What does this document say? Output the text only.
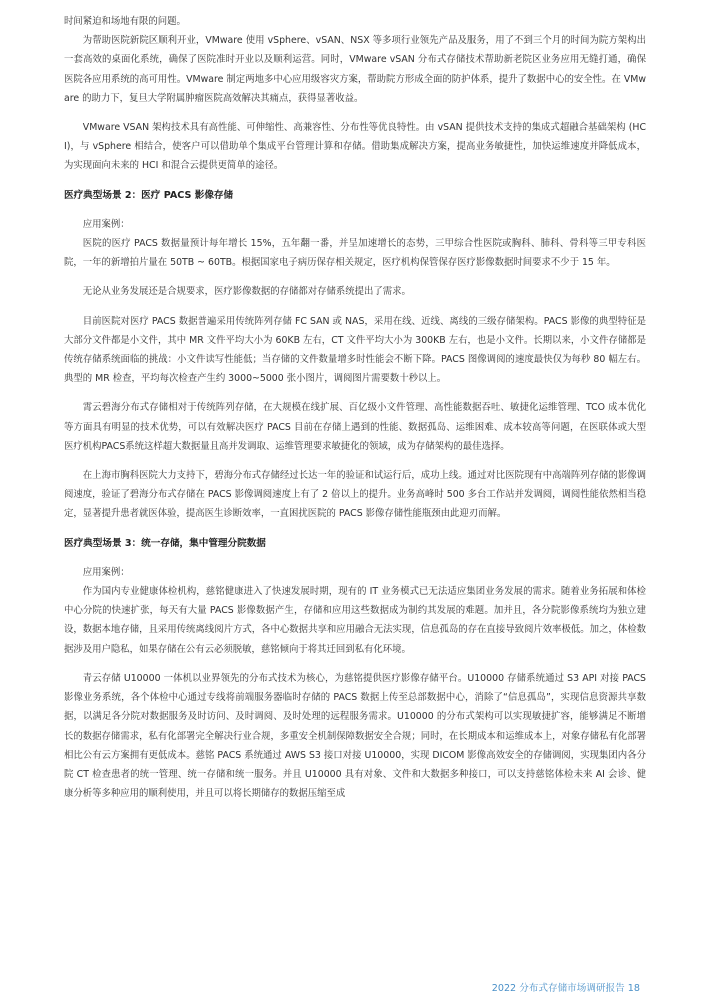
时间紧迫和场地有限的问题。

为帮助医院新院区顺利开业，VMware 使用 vSphere、vSAN、NSX 等多项行业领先产品及服务，用了不到三个月的时间为院方架构出一套高效的桌面化系统，确保了医院准时开业以及顺利运营。同时，VMware vSAN 分布式存储技术帮助新老院区业务应用无缝打通，确保医院各应用系统的高可用性。VMware 制定两地多中心应用级容灾方案，帮助院方形成全面的防护体系，提升了数据中心的安全性。在 VMware 的助力下，复旦大学附属肿瘤医院高效解决其痛点，获得显著收益。

VMware VSAN 架构技术具有高性能、可伸缩性、高兼容性、分布性等优良特性。由 vSAN 提供技术支持的集成式超融合基础架构 (HCI)，与 vSphere 相结合，使客户可以借助单个集成平台管理计算和存储。借助集成解决方案，提高业务敏捷性，加快运维速度并降低成本，为实现面向未来的 HCI 和混合云提供更简单的途径。

医疗典型场景 2：医疗 PACS 影像存储

应用案例：

医院的医疗 PACS 数据量预计每年增长 15%，五年翻一番，并呈加速增长的态势，三甲综合性医院或胸科、肺科、骨科等三甲专科医院，一年的新增拍片量在 50TB ~ 60TB。根据国家电子病历保存相关规定，医疗机构保管保存医疗影像数据时间要求不少于 15 年。

无论从业务发展还是合规要求，医疗影像数据的存储都对存储系统提出了需求。

目前医院对医疗 PACS 数据普遍采用传统阵列存储 FC SAN 或 NAS，采用在线、近线、离线的三级存储架构。PACS 影像的典型特征是大部分文件都是小文件，其中 MR 文件平均大小为 60KB 左右，CT 文件平均大小为 300KB 左右，也是小文件。长期以来，小文件存储都是传统存储系统面临的挑战：小文件读写性能低；当存储的文件数量增多时性能会不断下降。PACS 图像调阅的速度最快仅为每秒 80 幅左右。典型的 MR 检查，平均每次检查产生约 3000~5000 张小图片，调阅图片需要数十秒以上。

霄云碧海分布式存储相对于传统阵列存储，在大规模在线扩展、百亿级小文件管理、高性能数据吞吐、敏捷化运维管理、TCO 成本优化等方面具有明显的技术优势，可以有效解决医疗 PACS 目前在存储上遇到的性能、数据孤岛、运维困难、成本较高等问题，在医联体或大型医疗机构PACS系统这样超大数据量且高并发调取、运维管理要求敏捷化的领域，成为存储架构的最佳选择。

在上海市胸科医院大力支持下，碧海分布式存储经过长达一年的验证和试运行后，成功上线。通过对比医院现有中高端阵列存储的影像调阅速度，验证了碧海分布式存储在 PACS 影像调阅速度上有了 2 倍以上的提升。业务高峰时 500 多台工作站并发调阅，调阅性能依然相当稳定，显著提升患者就医体验，提高医生诊断效率，一直困扰医院的 PACS 影像存储性能瓶颈由此迎刃而解。

医疗典型场景 3：统一存储，集中管理分院数据

应用案例：

作为国内专业健康体检机构，慈铭健康进入了快速发展时期，现有的 IT 业务模式已无法适应集团业务发展的需求。随着业务拓展和体检中心分院的快速扩张，每天有大量 PACS 影像数据产生，存储和应用这些数据成为制约其发展的难题。加并且，各分院影像系统均为独立建设，数据本地存储，且采用传统离线阅片方式，各中心数据共享和应用融合无法实现，信息孤岛的存在直接导致阅片效率极低。加之，体检数据涉及用户隐私，如果存储在公有云必须脱敏，慈铭倾向于将其迁回到私有化环境。

青云存储 U10000 一体机以业界领先的分布式技术为核心，为慈铭提供医疗影像存储平台。U10000 存储系统通过 S3 API 对接 PACS 影像业务系统，各个体检中心通过专线将前端服务器临时存储的 PACS 数据上传至总部数据中心，消除了“信息孤岛”，实现信息资源共享数据，以满足各分院对数据服务及时访问、及时调阅、及时处理的远程服务需求。U10000 的分布式架构可以实现敏捷扩容，能够满足不断增长的数据存储需求，私有化部署完全解决行业合规，多重安全机制保障数据安全合规；同时，在长期成本和运维成本上，对象存储私有化部署相比公有云方案拥有更低成本。慈铭 PACS 系统通过 AWS S3 接口对接 U10000，实现 DICOM 影像高效安全的存储调阅，实现集团内各分院 CT 检查患者的统一管理、统一存储和统一服务。并且 U10000 具有对象、文件和大数据多种接口，可以支持慈铭体检未来 AI 会诊、健康分析等多种应用的顺利使用，并且可以将长期储存的数据压缩至成

2022 分布式存储市场调研报告 18
